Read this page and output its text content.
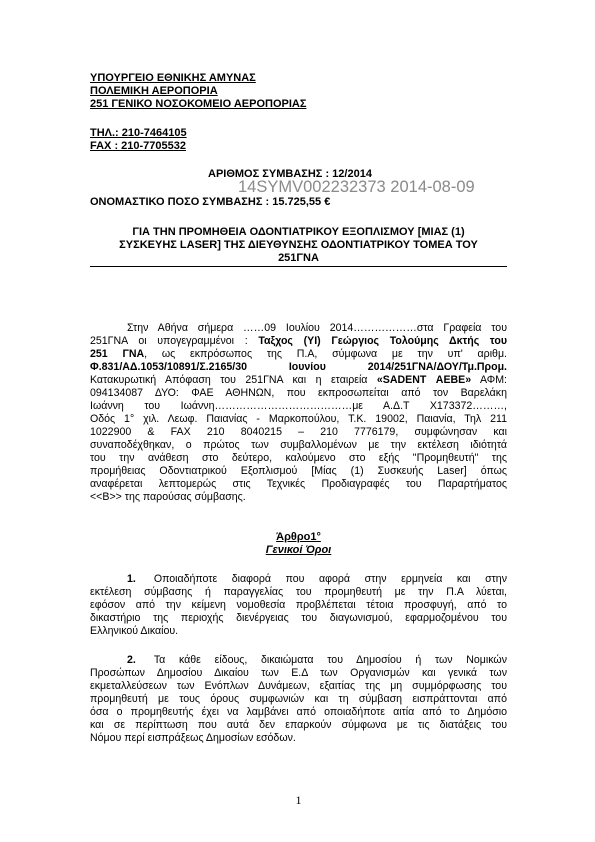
ΥΠΟΥΡΓΕΙΟ ΕΘΝΙΚΗΣ ΑΜΥΝΑΣ
ΠΟΛΕΜΙΚΗ ΑΕΡΟΠΟΡΙΑ
251 ΓΕΝΙΚΟ ΝΟΣΟΚΟΜΕΙΟ ΑΕΡΟΠΟΡΙΑΣ
ΤΗΛ.: 210-7464105
FAX : 210-7705532
ΑΡΙΘΜΟΣ ΣΥΜΒΑΣΗΣ : 12/2014
14SYMV002232373 2014-08-09
ΟΝΟΜΑΣΤΙΚΟ ΠΟΣΟ ΣΥΜΒΑΣΗΣ : 15.725,55 €
ΓΙΑ ΤΗΝ ΠΡΟΜΗΘΕΙΑ ΟΔΟΝΤΙΑΤΡΙΚΟΥ ΕΞΟΠΛΙΣΜΟΥ [ΜΙΑΣ (1)
ΣΥΣΚΕΥΗΣ LASER] ΤΗΣ ΔΙΕΥΘΥΝΣΗΣ ΟΔΟΝΤΙΑΤΡΙΚΟΥ ΤΟΜΕΑ ΤΟΥ
251ΓΝΑ
Στην Αθήνα σήμερα ……09 Ιουλίου 2014………………στα Γραφεία του
251ΓΝΑ οι υπογεγραμμένοι : Ταξχος (ΥΙ) Γεώργιος Τολούμης Δκτής του
251 ΓΝΑ, ως εκπρόσωπος της Π.Α, σύμφωνα με την υπ' αριθμ.
Φ.831/ΑΔ.1053/10891/Σ.2165/30 Ιουνίου 2014/251ΓΝΑ/ΔΟΥ/Τμ.Προμ.
Κατακυρωτική Απόφαση του 251ΓΝΑ και η εταιρεία «SADENT ΑΕΒΕ» ΑΦΜ:
094134087 ΔΥΟ: ΦΑΕ ΑΘΗΝΩΝ, που εκπροσωπείται από τον Βαρελάκη
Ιωάννη του Ιωάννη…………………………………με Α.Δ.Τ Χ173372………,
Οδός 1° χιλ. Λεωφ. Παιανίας - Μαρκοπούλου, Τ.Κ. 19002, Παιανία, Τηλ 211
1022900 & FAX 210 8040215 – 210 7776179, συμφώνησαν και
συναποδέχθηκαν, ο πρώτος των συμβαλλομένων με την εκτέλεση ιδιότητά
του την ανάθεση στο δεύτερο, καλούμενο στο εξής "Προμηθευτή" της
προμήθειας Οδοντιατρικού Εξοπλισμού [Μίας (1) Συσκευής Laser] όπως
αναφέρεται λεπτομερώς στις Τεχνικές Προδιαγραφές του Παραρτήματος
<<Β>> της παρούσας σύμβασης.
Άρθρο1°
Γενικοί Όροι
1. Οποιαδήποτε διαφορά που αφορά στην ερμηνεία και στην
εκτέλεση σύμβασης ή παραγγελίας του προμηθευτή με την Π.Α λύεται,
εφόσον από την κείμενη νομοθεσία προβλέπεται τέτοια προσφυγή, από το
δικαστήριο της περιοχής διενέργειας του διαγωνισμού, εφαρμοζομένου του
Ελληνικού Δικαίου.
2. Τα κάθε είδους, δικαιώματα του Δημοσίου ή των Νομικών
Προσώπων Δημοσίου Δικαίου των Ε.Δ των Οργανισμών και γενικά των
εκμεταλλεύσεων των Ενόπλων Δυνάμεων, εξαιτίας της μη συμμόρφωσης του
προμηθευτή με τους όρους συμφωνιών και τη σύμβαση εισπράττονται από
όσα ο προμηθευτής έχει να λαμβάνει από οποιαδήποτε αιτία από το Δημόσιο
και σε περίπτωση που αυτά δεν επαρκούν σύμφωνα με τις διατάξεις του
Νόμου περί εισπράξεως Δημοσίων εσόδων.
1
